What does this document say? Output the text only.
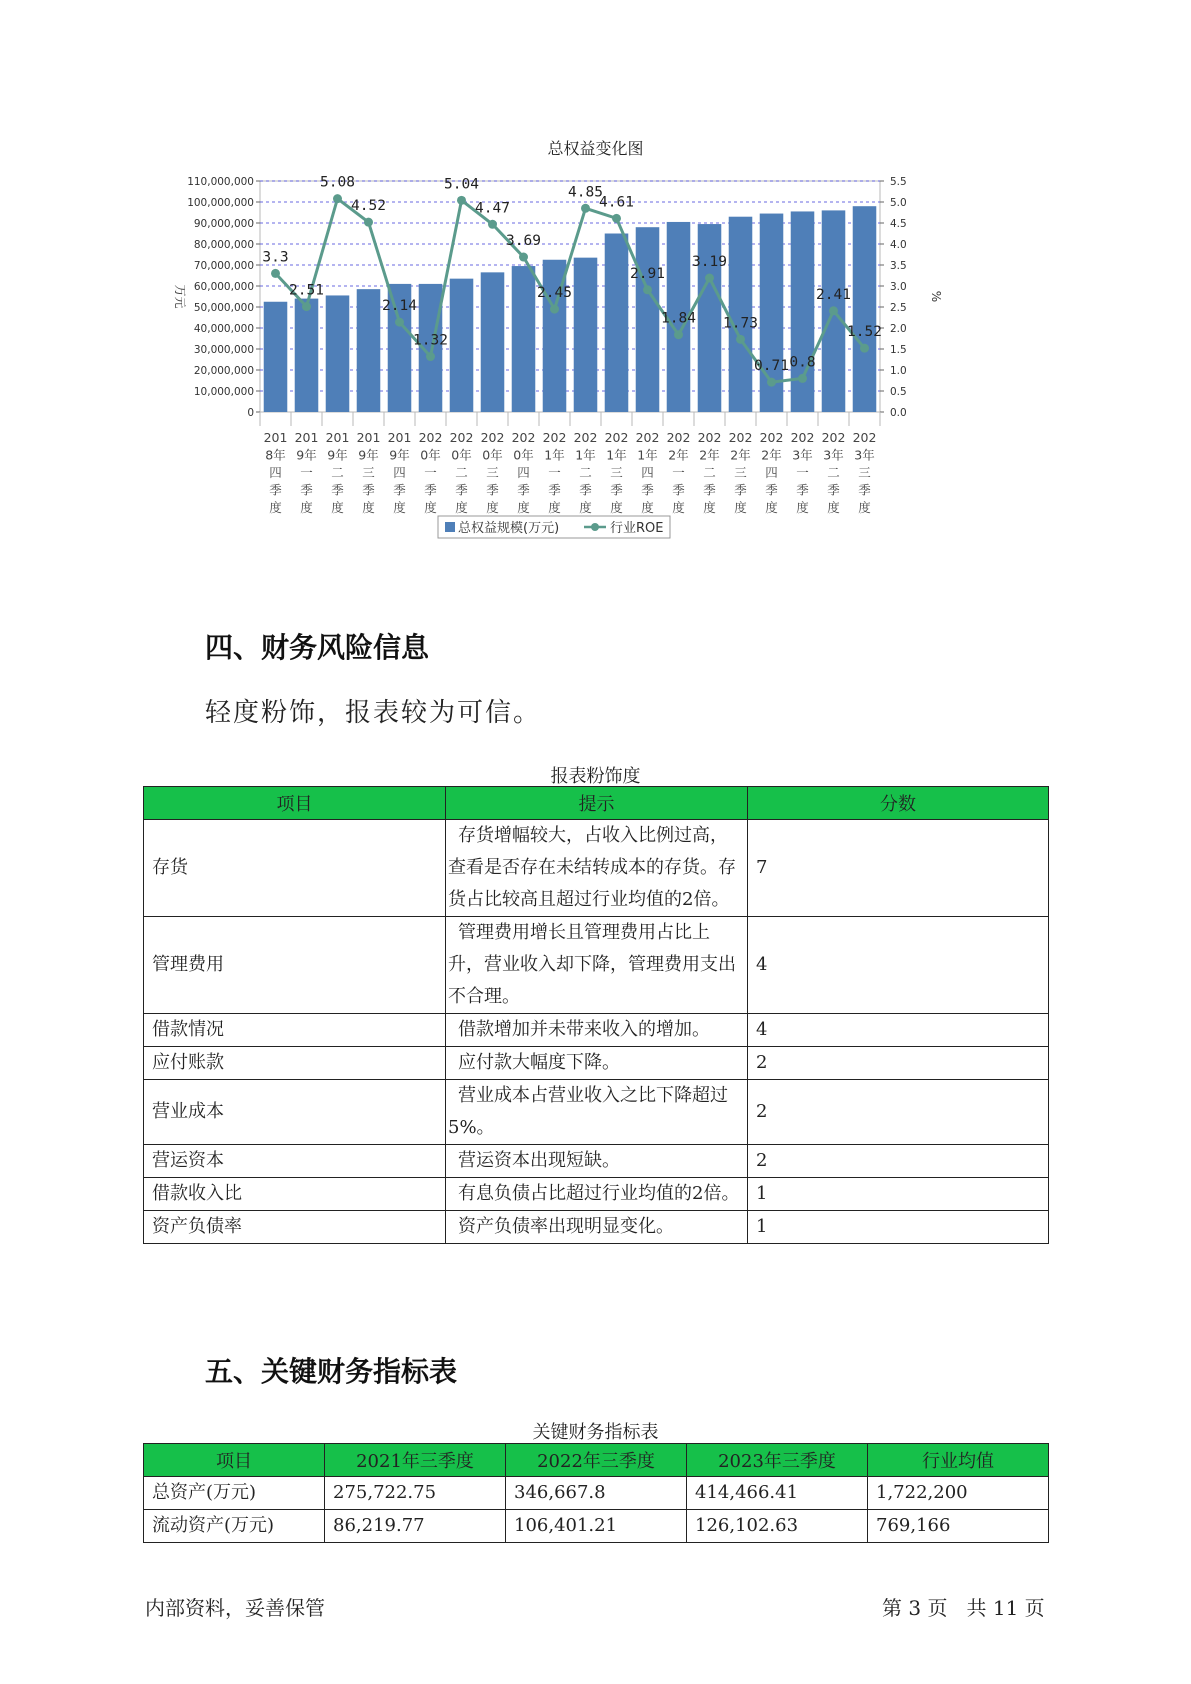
总权益变化图
0
10,000,000
20,000,000
30,000,000
40,000,000
50,000,000
60,000,000
70,000,000
80,000,000
90,000,000
100,000,000
110,000,000
0.0
0.5
1.0
1.5
2.0
2.5
3.0
3.5
4.0
4.5
5.0
5.5
万元	%
201
8年
四
季
度
201
9年
一
季
度
201
9年
二
季
度
201
9年
三
季
度
201
9年
四
季
度
202
0年
一
季
度
202
0年
二
季
度
202
0年
三
季
度
202
0年
四
季
度
202
1年
一
季
度
202
1年
二
季
度
202
1年
三
季
度
202
1年
四
季
度
202
2年
一
季
度
202
2年
二
季
度
202
2年
三
季
度
202
2年
四
季
度
202
3年
一
季
度
202
3年
二
季
度
202
3年
三
季
度
3.3
2.51
5.08
4.52
2.14
1.32
5.04
4.47
3.69
2.45
4.85
4.61
2.91
1.84
3.19
1.73
0.71 0.8
2.41
1.52
总权益规模(万元)	行业ROE
四、财务风险信息
轻度粉饰，报表较为可信。
报表粉饰度
项目	提示	分数
存货	存货增幅较大，占收入比例过高，查看是否存在未结转成本的存货。存货占比较高且超过行业均值的2倍。	7
管理费用	管理费用增长且管理费用占比上升，营业收入却下降，管理费用支出不合理。	4
借款情况	借款增加并未带来收入的增加。	4
应付账款	应付款大幅度下降。	2
营业成本	营业成本占营业收入之比下降超过5%。	2
营运资本	营运资本出现短缺。	2
借款收入比	有息负债占比超过行业均值的2倍。	1
资产负债率	资产负债率出现明显变化。	1
五、关键财务指标表
关键财务指标表
项目	2021年三季度	2022年三季度	2023年三季度	行业均值
总资产(万元)	275,722.75	346,667.8	414,466.41	1,722,200
流动资产(万元)	86,219.77	106,401.21	126,102.63	769,166
内部资料，妥善保管	第 3 页   共 11 页
